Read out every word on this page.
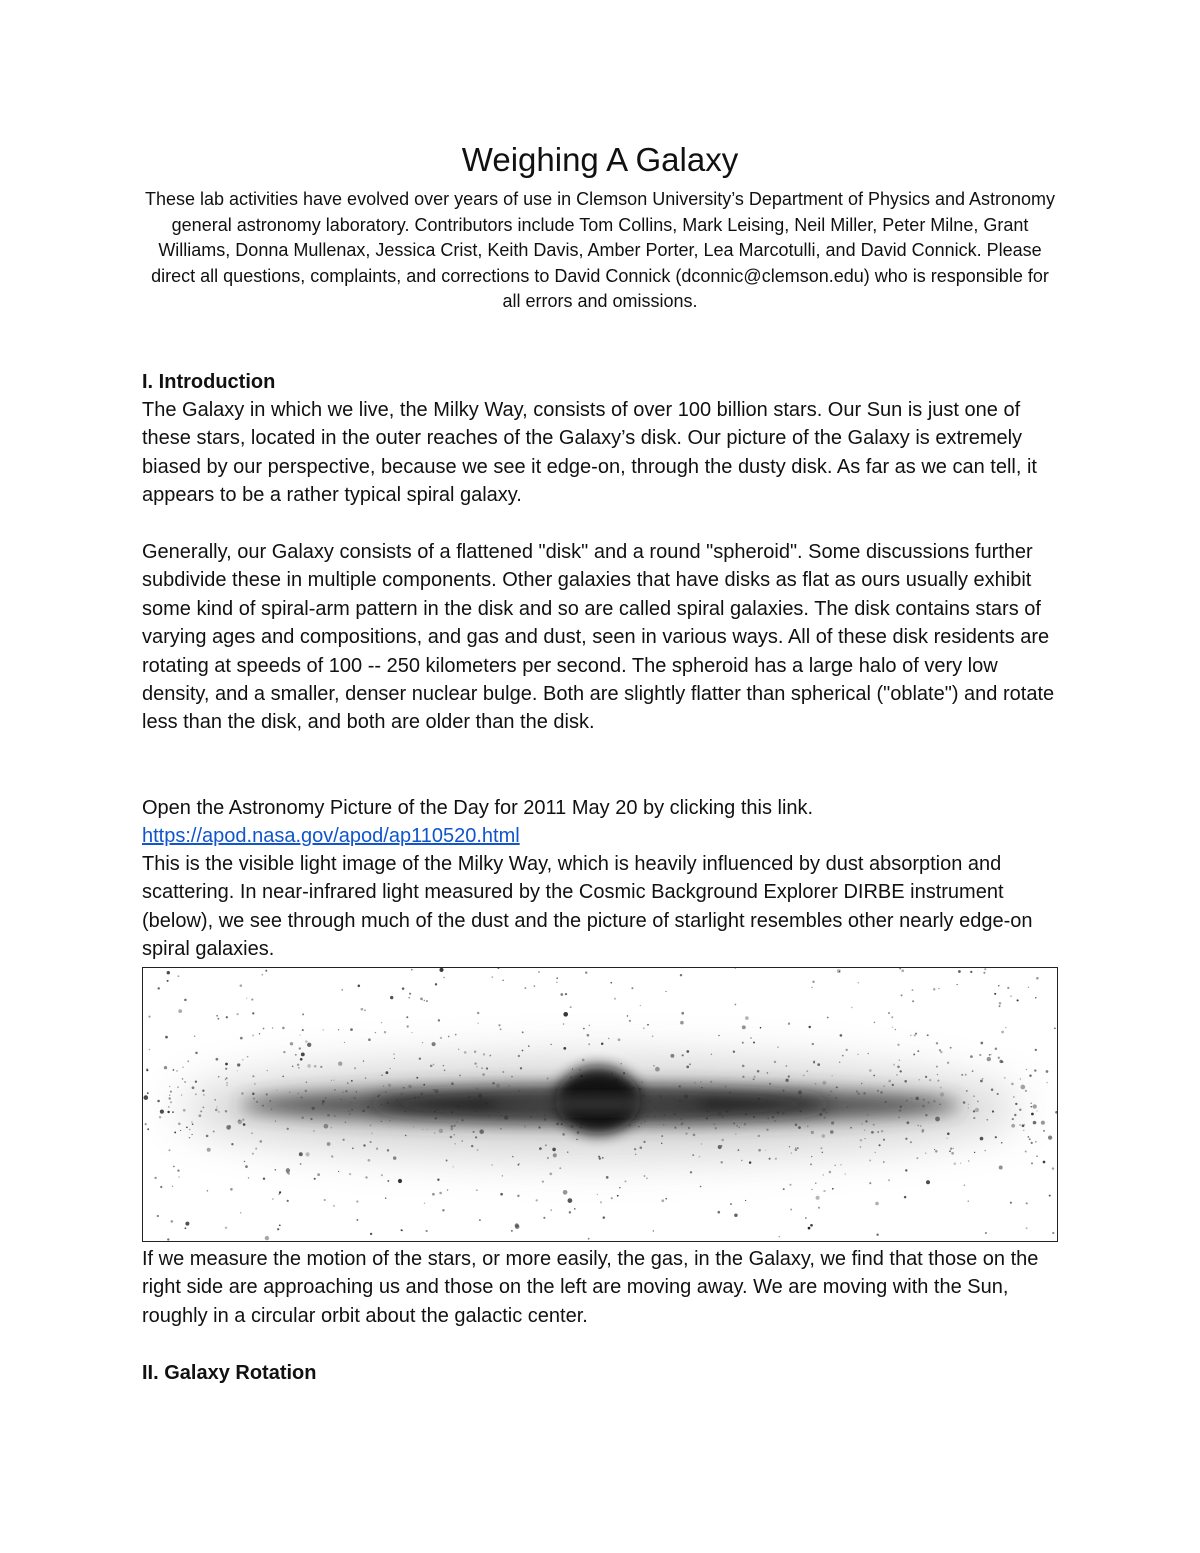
Weighing A Galaxy

These lab activities have evolved over years of use in Clemson University’s Department of Physics and Astronomy general astronomy laboratory. Contributors include Tom Collins, Mark Leising, Neil Miller, Peter Milne, Grant Williams, Donna Mullenax, Jessica Crist, Keith Davis, Amber Porter, Lea Marcotulli, and David Connick. Please direct all questions, complaints, and corrections to David Connick (dconnic@clemson.edu) who is responsible for all errors and omissions.

I. Introduction

The Galaxy in which we live, the Milky Way, consists of over 100 billion stars. Our Sun is just one of these stars, located in the outer reaches of the Galaxy’s disk. Our picture of the Galaxy is extremely biased by our perspective, because we see it edge-on, through the dusty disk. As far as we can tell, it appears to be a rather typical spiral galaxy.

Generally, our Galaxy consists of a flattened "disk" and a round "spheroid". Some discussions further subdivide these in multiple components. Other galaxies that have disks as flat as ours usually exhibit some kind of spiral-arm pattern in the disk and so are called spiral galaxies. The disk contains stars of varying ages and compositions, and gas and dust, seen in various ways. All of these disk residents are rotating at speeds of 100 -- 250 kilometers per second. The spheroid has a large halo of very low density, and a smaller, denser nuclear bulge. Both are slightly flatter than spherical ("oblate") and rotate less than the disk, and both are older than the disk.

Open the Astronomy Picture of the Day for 2011 May 20 by clicking this link.

https://apod.nasa.gov/apod/ap110520.html

This is the visible light image of the Milky Way, which is heavily influenced by dust absorption and scattering. In near-infrared light measured by the Cosmic Background Explorer DIRBE instrument (below), we see through much of the dust and the picture of starlight resembles other nearly edge-on spiral galaxies.

If we measure the motion of the stars, or more easily, the gas, in the Galaxy, we find that those on the right side are approaching us and those on the left are moving away. We are moving with the Sun, roughly in a circular orbit about the galactic center.

II. Galaxy Rotation
